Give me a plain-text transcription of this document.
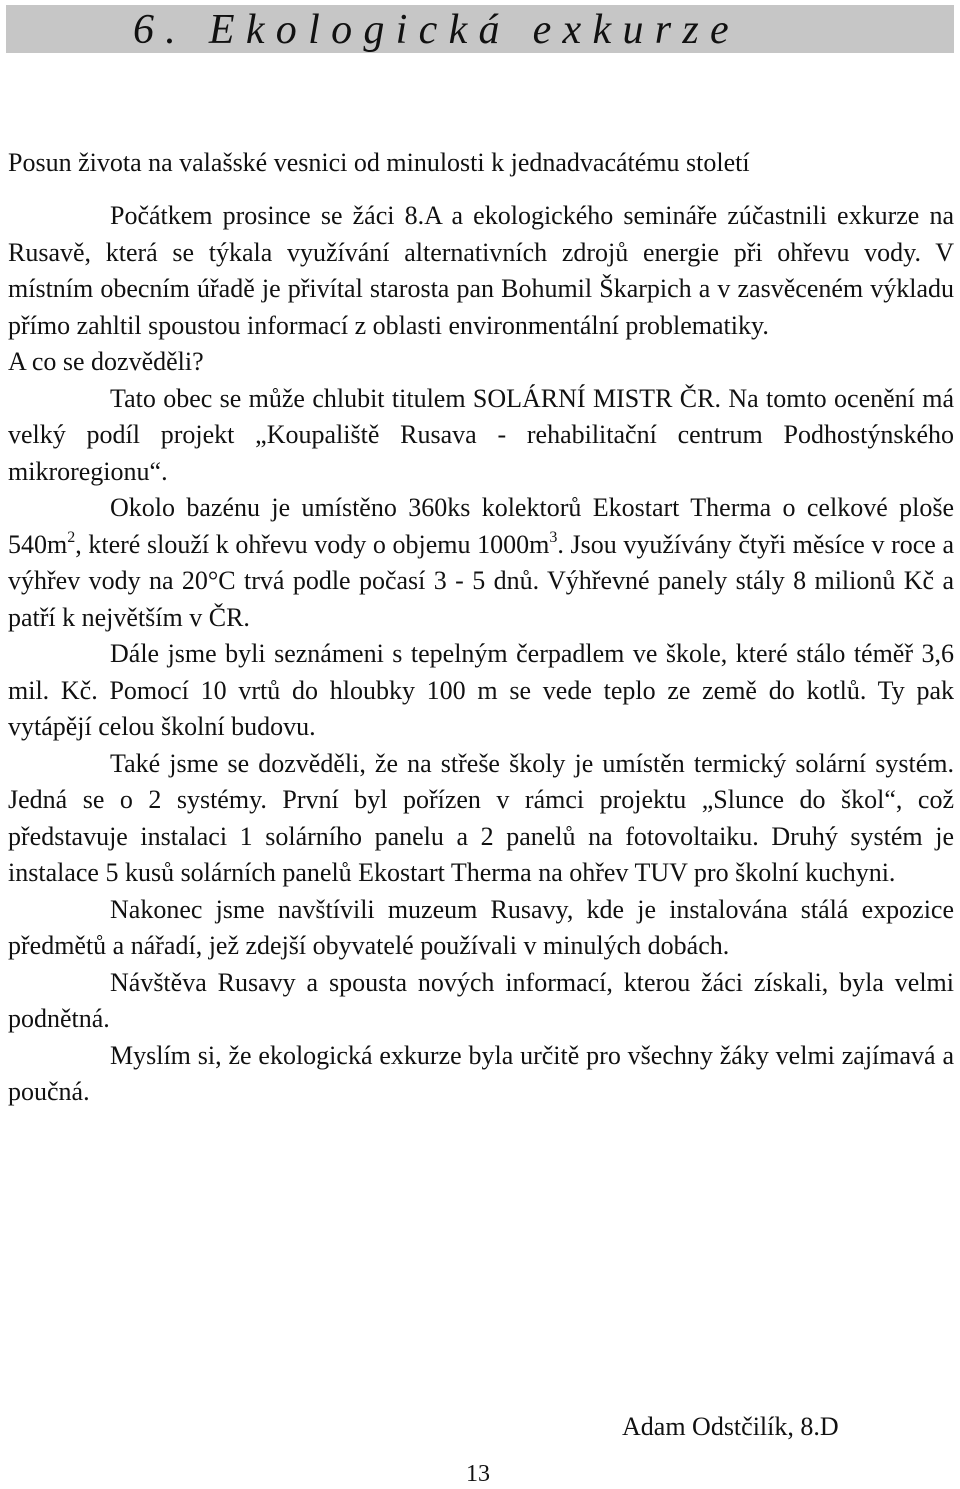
6. Ekologická exkurze
Posun života na valašské vesnici od minulosti k jednadvacátému století

Počátkem prosince se žáci 8.A a ekologického semináře zúčastnili exkurze na Rusavě, která se týkala využívání alternativních zdrojů energie při ohřevu vody. V místním obecním úřadě je přivítal starosta pan Bohumil Škarpich a v zasvěceném výkladu přímo zahltil spoustou informací z oblasti environmentální problematiky.

A co se dozvěděli?

Tato obec se může chlubit titulem SOLÁRNÍ MISTR ČR. Na tomto ocenění má velký podíl projekt „Koupaliště Rusava - rehabilitační centrum Podhostýnského mikroregionu“.

Okolo bazénu je umístěno 360ks kolektorů Ekostart Therma o celkové ploše $540m^2$, které slouží k ohřevu vody o objemu $1000m^3$. Jsou využívány čtyři měsíce v roce a výhřev vody na 20°C trvá podle počasí 3 - 5 dnů. Výhřevné panely stály 8 milionů Kč a patří k největším v ČR.

Dále jsme byli seznámeni s tepelným čerpadlem ve škole, které stálo téměř 3,6 mil. Kč. Pomocí 10 vrtů do hloubky 100 m se vede teplo ze země do kotlů. Ty pak vytápějí celou školní budovu.

Také jsme se dozvěděli, že na střeše školy je umístěn termický solární systém. Jedná se o 2 systémy. První byl pořízen v rámci projektu „Slunce do škol“, což představuje instalaci 1 solárního panelu a 2 panelů na fotovoltaiku. Druhý systém je instalace 5 kusů solárních panelů Ekostart Therma na ohřev TUV pro školní kuchyni.

Nakonec jsme navštívili muzeum Rusavy, kde je instalována stálá expozice předmětů a nářadí, jež zdejší obyvatelé používali v minulých dobách.

Návštěva Rusavy a spousta nových informací, kterou žáci získali, byla velmi podnětná.

Myslím si, že ekologická exkurze byla určitě pro všechny žáky velmi zajímavá a poučná.

Adam Odstčilík, 8.D
13
